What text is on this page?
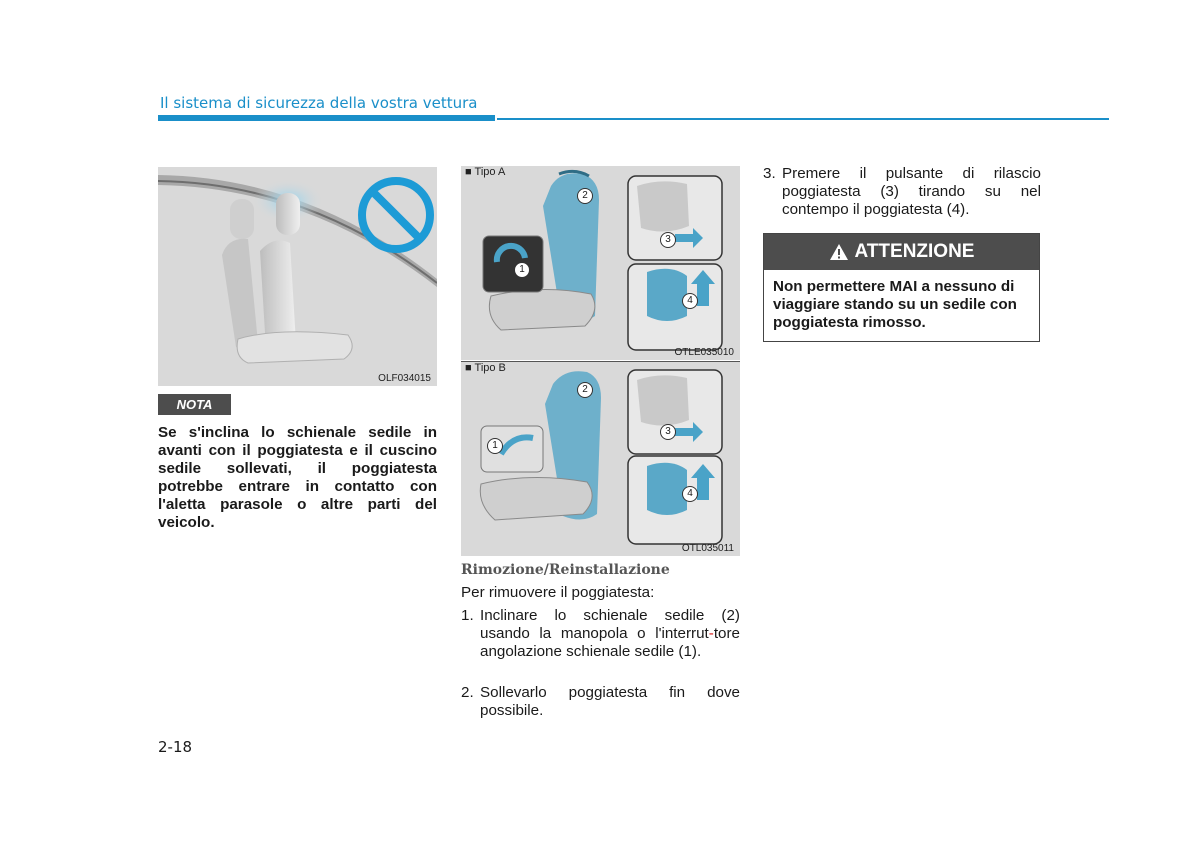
Il sistema di sicurezza della vostra vettura
OLF034015
■ Tipo A
1
2
3
4
OTLE035010
■ Tipo B
1
2
3
4
OTL035011
NOTA
Se s'inclina lo schienale sedile in avanti con il poggiatesta e il cuscino sedile sollevati, il poggiatesta potrebbe entrare in contatto con l'aletta parasole o altre parti del veicolo.
Rimozione/Reinstallazione
Per rimuovere il poggiatesta:
1. Inclinare lo schienale sedile (2) usando la manopola o l'interrut-tore angolazione schienale sedile (1).
2. Sollevarlo poggiatesta fin dove possibile.
3. Premere il pulsante di rilascio poggiatesta (3) tirando su nel contempo il poggiatesta (4).
ATTENZIONE
Non permettere MAI a nessuno di viaggiare stando su un sedile con poggiatesta rimosso.
2-18
